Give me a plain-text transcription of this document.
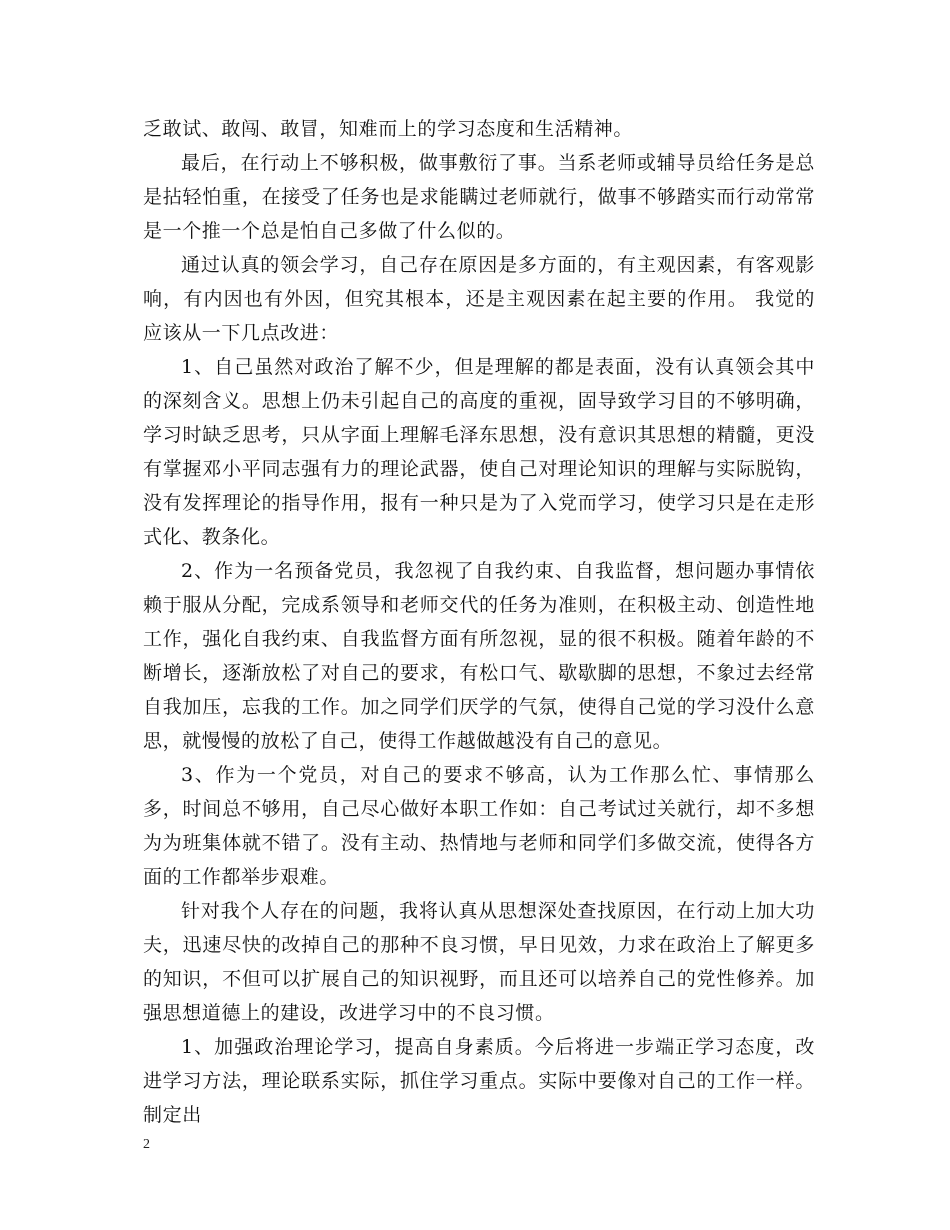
乏敢试、敢闯、敢冒，知难而上的学习态度和生活精神。

最后，在行动上不够积极，做事敷衍了事。当系老师或辅导员给任务是总是拈轻怕重，在接受了任务也是求能瞒过老师就行，做事不够踏实而行动常常是一个推一个总是怕自己多做了什么似的。

通过认真的领会学习，自己存在原因是多方面的，有主观因素，有客观影响，有内因也有外因，但究其根本，还是主观因素在起主要的作用。 我觉的应该从一下几点改进：

1、自己虽然对政治了解不少，但是理解的都是表面，没有认真领会其中的深刻含义。思想上仍未引起自己的高度的重视，固导致学习目的不够明确，学习时缺乏思考，只从字面上理解毛泽东思想，没有意识其思想的精髓，更没有掌握邓小平同志强有力的理论武器，使自己对理论知识的理解与实际脱钩，没有发挥理论的指导作用，报有一种只是为了入党而学习，使学习只是在走形式化、教条化。

2、作为一名预备党员，我忽视了自我约束、自我监督，想问题办事情依赖于服从分配，完成系领导和老师交代的任务为准则，在积极主动、创造性地工作，强化自我约束、自我监督方面有所忽视，显的很不积极。随着年龄的不断增长，逐渐放松了对自己的要求，有松口气、歇歇脚的思想，不象过去经常自我加压，忘我的工作。加之同学们厌学的气氛，使得自己觉的学习没什么意思，就慢慢的放松了自己，使得工作越做越没有自己的意见。

3、作为一个党员，对自己的要求不够高，认为工作那么忙、事情那么多，时间总不够用，自己尽心做好本职工作如：自己考试过关就行，却不多想为为班集体就不错了。没有主动、热情地与老师和同学们多做交流，使得各方面的工作都举步艰难。

针对我个人存在的问题，我将认真从思想深处查找原因，在行动上加大功夫，迅速尽快的改掉自己的那种不良习惯，早日见效，力求在政治上了解更多的知识，不但可以扩展自己的知识视野，而且还可以培养自己的党性修养。加强思想道德上的建设，改进学习中的不良习惯。

1、加强政治理论学习，提高自身素质。今后将进一步端正学习态度，改进学习方法，理论联系实际，抓住学习重点。实际中要像对自己的工作一样。制定出

2
